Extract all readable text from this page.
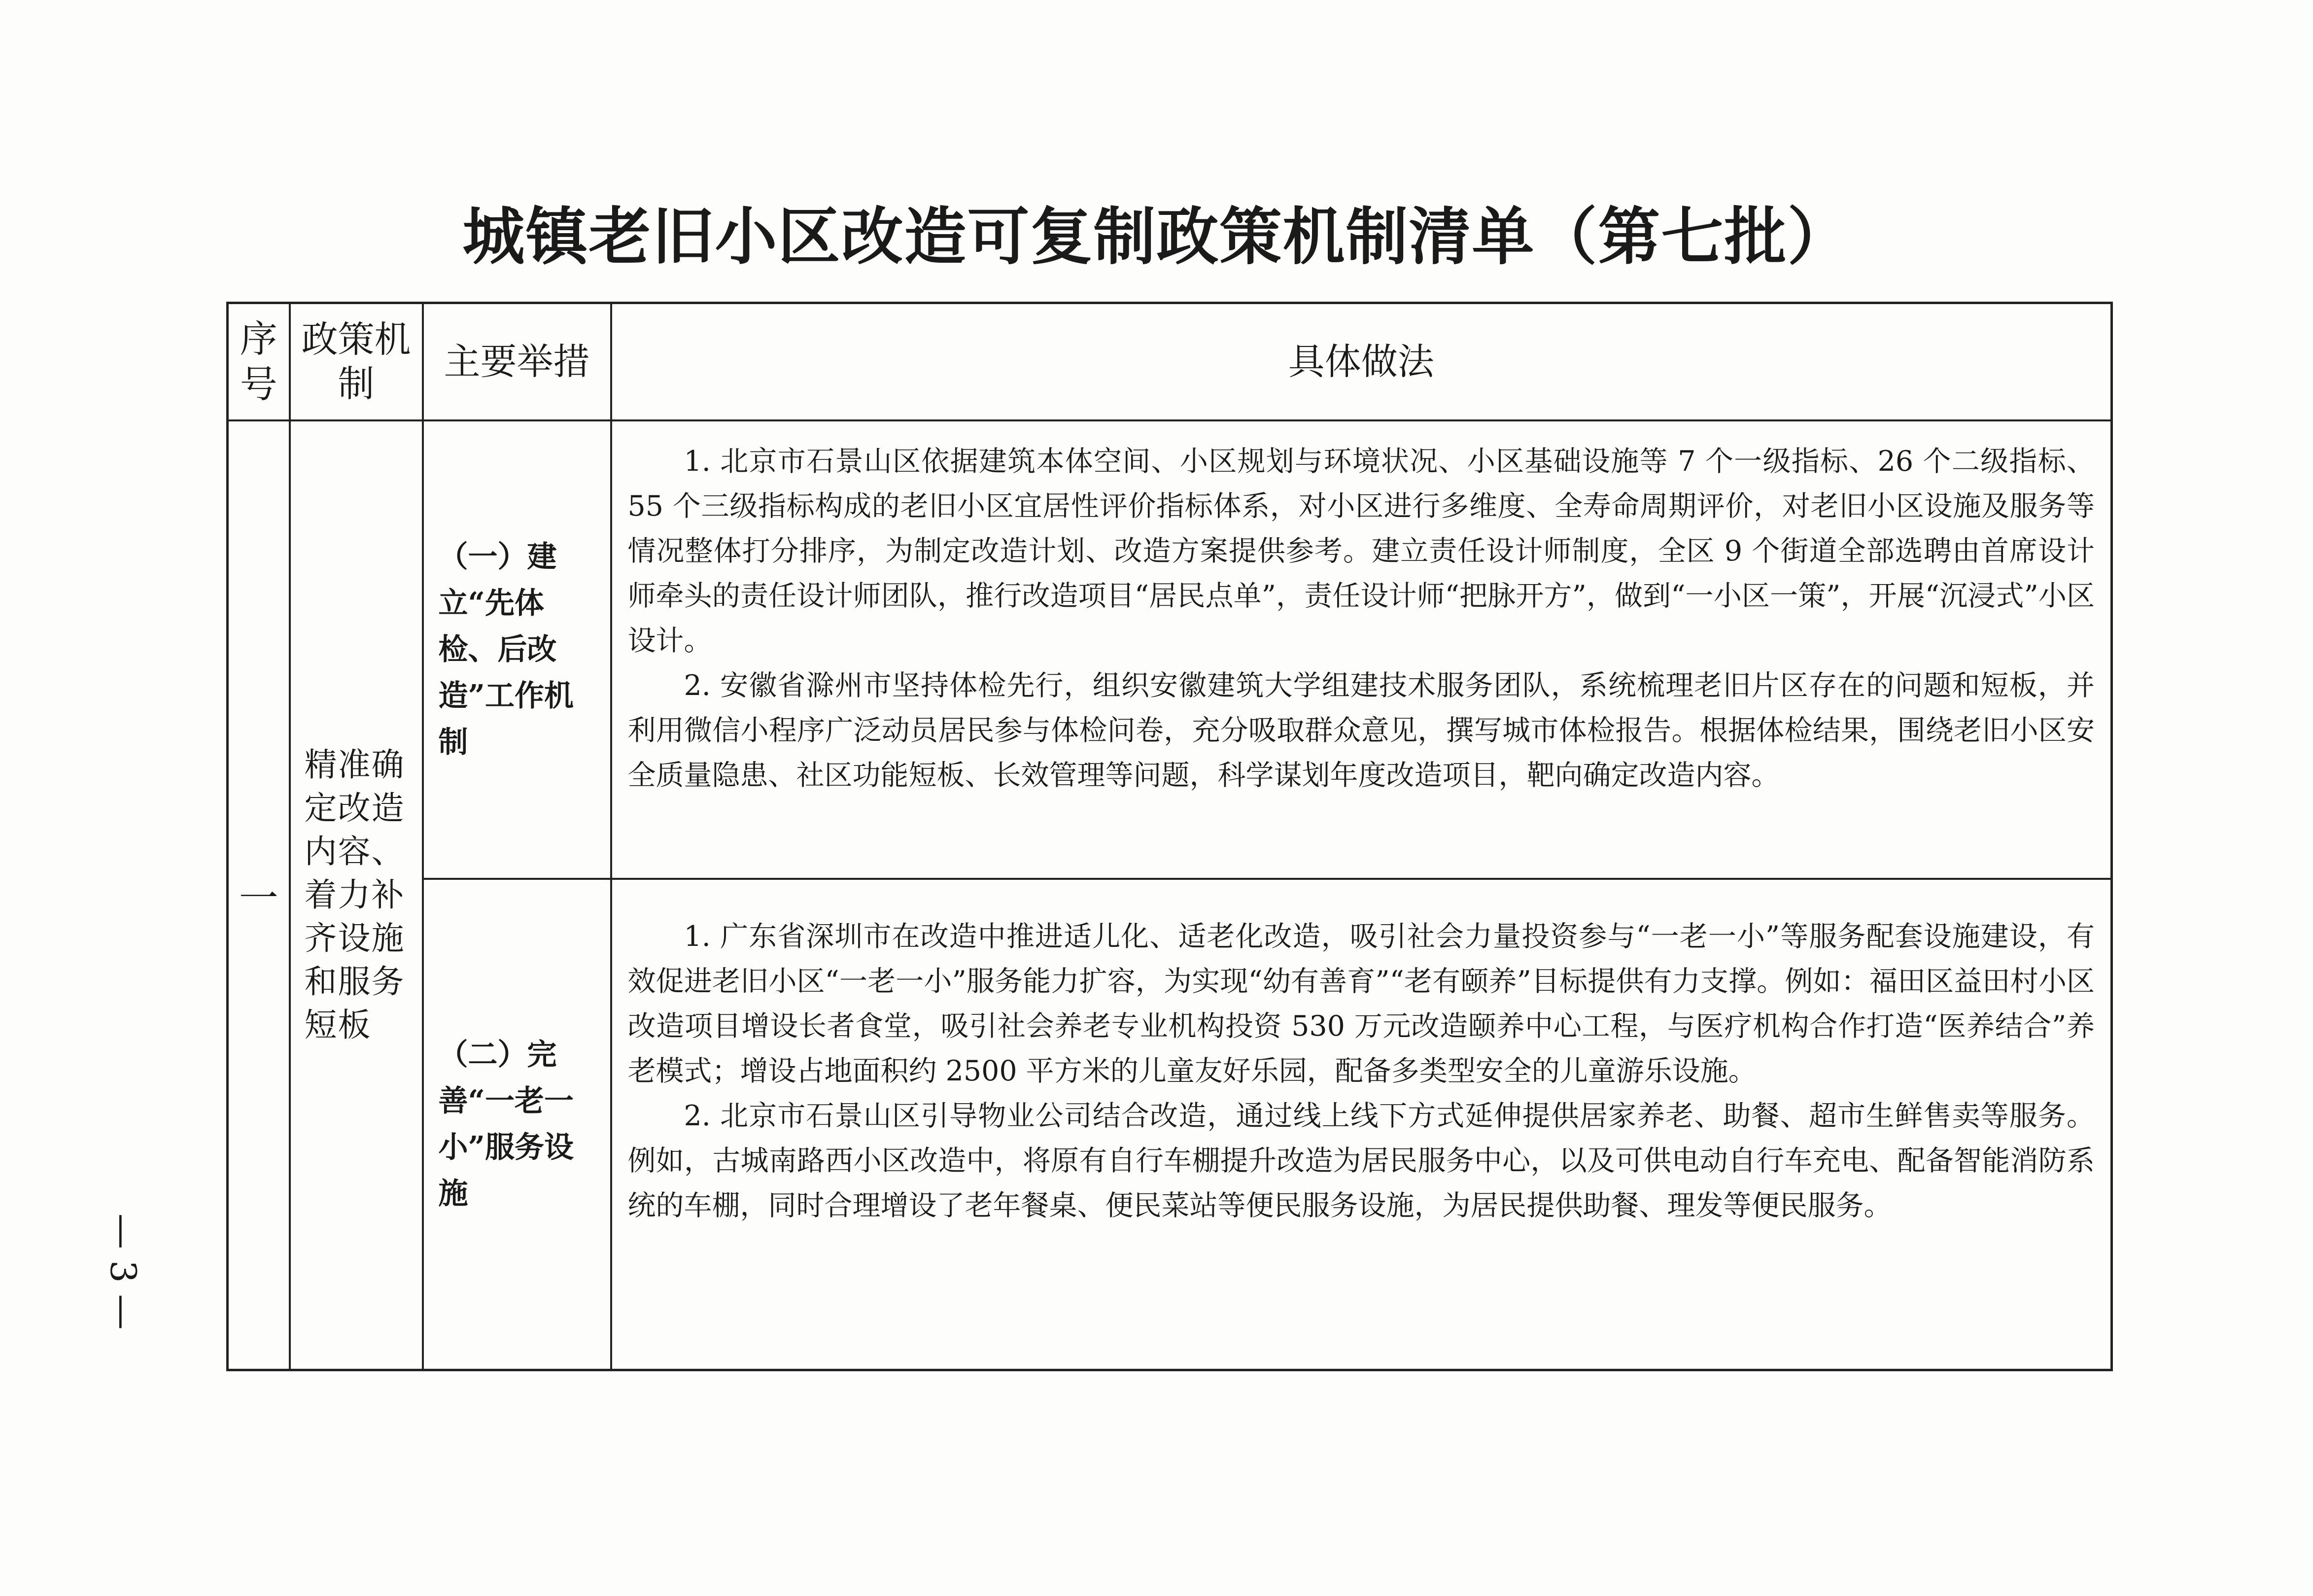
城镇老旧小区改造可复制政策机制清单（第七批）
序号	政策机制	主要举措	具体做法
一	精准确定改造内容、着力补齐设施和服务短板	（一）建立“先体检、后改造”工作机制	1. 北京市石景山区依据建筑本体空间、小区规划与环境状况、小区基础设施等 7 个一级指标、26 个二级指标、55 个三级指标构成的老旧小区宜居性评价指标体系，对小区进行多维度、全寿命周期评价，对老旧小区设施及服务等情况整体打分排序，为制定改造计划、改造方案提供参考。建立责任设计师制度，全区 9 个街道全部选聘由首席设计师牵头的责任设计师团队，推行改造项目“居民点单”，责任设计师“把脉开方”，做到“一小区一策”，开展“沉浸式”小区设计。

2. 安徽省滁州市坚持体检先行，组织安徽建筑大学组建技术服务团队，系统梳理老旧片区存在的问题和短板，并利用微信小程序广泛动员居民参与体检问卷，充分吸取群众意见，撰写城市体检报告。根据体检结果，围绕老旧小区安全质量隐患、社区功能短板、长效管理等问题，科学谋划年度改造项目，靶向确定改造内容。

		（二）完善“一老一小”服务设施	1. 广东省深圳市在改造中推进适儿化、适老化改造，吸引社会力量投资参与“一老一小”等服务配套设施建设，有效促进老旧小区“一老一小”服务能力扩容，为实现“幼有善育”“老有颐养”目标提供有力支撑。例如：福田区益田村小区改造项目增设长者食堂，吸引社会养老专业机构投资 530 万元改造颐养中心工程，与医疗机构合作打造“医养结合”养老模式；增设占地面积约 2500 平方米的儿童友好乐园，配备多类型安全的儿童游乐设施。

2. 北京市石景山区引导物业公司结合改造，通过线上线下方式延伸提供居家养老、助餐、超市生鲜售卖等服务。例如，古城南路西小区改造中，将原有自行车棚提升改造为居民服务中心，以及可供电动自行车充电、配备智能消防系统的车棚，同时合理增设了老年餐桌、便民菜站等便民服务设施，为居民提供助餐、理发等便民服务。

— 3 —
